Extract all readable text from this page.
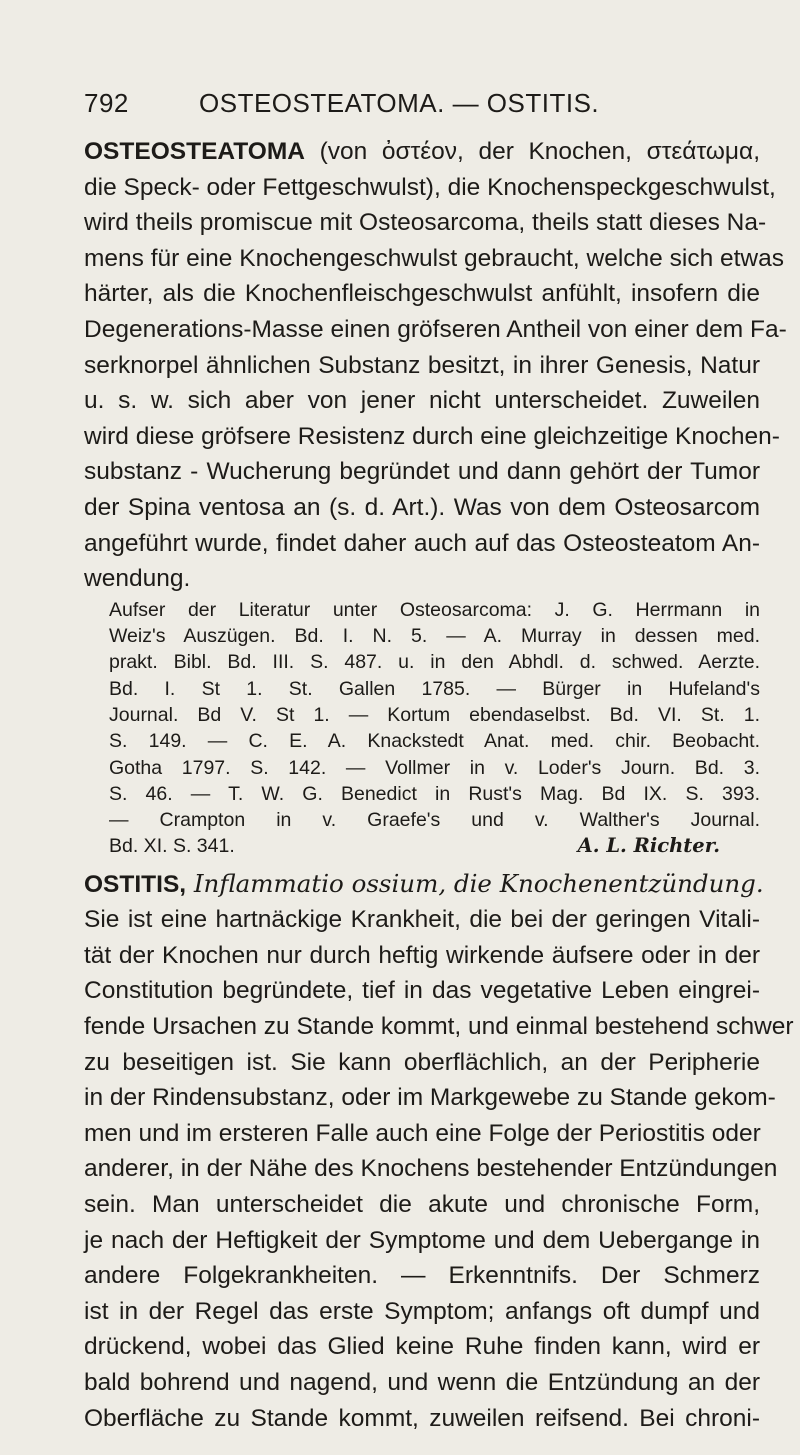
792	OSTEOSTEATOMA. — OSTITIS.
OSTEOSTEATOMA (von ὀστέον, der Knochen, στεάτωμα,
die Speck- oder Fettgeschwulst), die Knochenspeckgeschwulst,
wird theils promiscue mit Osteosarcoma, theils statt dieses Na-
mens für eine Knochengeschwulst gebraucht, welche sich etwas
härter, als die Knochenfleischgeschwulst anfühlt, insofern die
Degenerations-Masse einen gröfseren Antheil von einer dem Fa-
serknorpel ähnlichen Substanz besitzt, in ihrer Genesis, Natur
u. s. w. sich aber von jener nicht unterscheidet. Zuweilen
wird diese gröfsere Resistenz durch eine gleichzeitige Knochen-
substanz - Wucherung begründet und dann gehört der Tumor
der Spina ventosa an (s. d. Art.). Was von dem Osteosarcom
angeführt wurde, findet daher auch auf das Osteosteatom An-
wendung.
Aufser der Literatur unter Osteosarcoma: J. G. Herrmann in
Weiz's Auszügen. Bd. I. N. 5. — A. Murray in dessen med.
prakt. Bibl. Bd. III. S. 487. u. in den Abhdl. d. schwed. Aerzte.
Bd. I. St 1. St. Gallen 1785. — Bürger in Hufeland's
Journal. Bd V. St 1. — Kortum ebendaselbst. Bd. VI. St. 1.
S. 149. — C. E. A. Knackstedt Anat. med. chir. Beobacht.
Gotha 1797. S. 142. — Vollmer in v. Loder's Journ. Bd. 3.
S. 46. — T. W. G. Benedict in Rust's Mag. Bd IX. S. 393.
— Crampton in v. Graefe's und v. Walther's Journal.
Bd. XI. S. 341.	A. L. Richter.
OSTITIS, Inflammatio ossium, die Knochenentzündung.
Sie ist eine hartnäckige Krankheit, die bei der geringen Vitali-
tät der Knochen nur durch heftig wirkende äufsere oder in der
Constitution begründete, tief in das vegetative Leben eingrei-
fende Ursachen zu Stande kommt, und einmal bestehend schwer
zu beseitigen ist. Sie kann oberflächlich, an der Peripherie
in der Rindensubstanz, oder im Markgewebe zu Stande gekom-
men und im ersteren Falle auch eine Folge der Periostitis oder
anderer, in der Nähe des Knochens bestehender Entzündungen
sein. Man unterscheidet die akute und chronische Form,
je nach der Heftigkeit der Symptome und dem Uebergange in
andere Folgekrankheiten. — Erkenntnifs. Der Schmerz
ist in der Regel das erste Symptom; anfangs oft dumpf und
drückend, wobei das Glied keine Ruhe finden kann, wird er
bald bohrend und nagend, und wenn die Entzündung an der
Oberfläche zu Stande kommt, zuweilen reifsend. Bei chroni-
